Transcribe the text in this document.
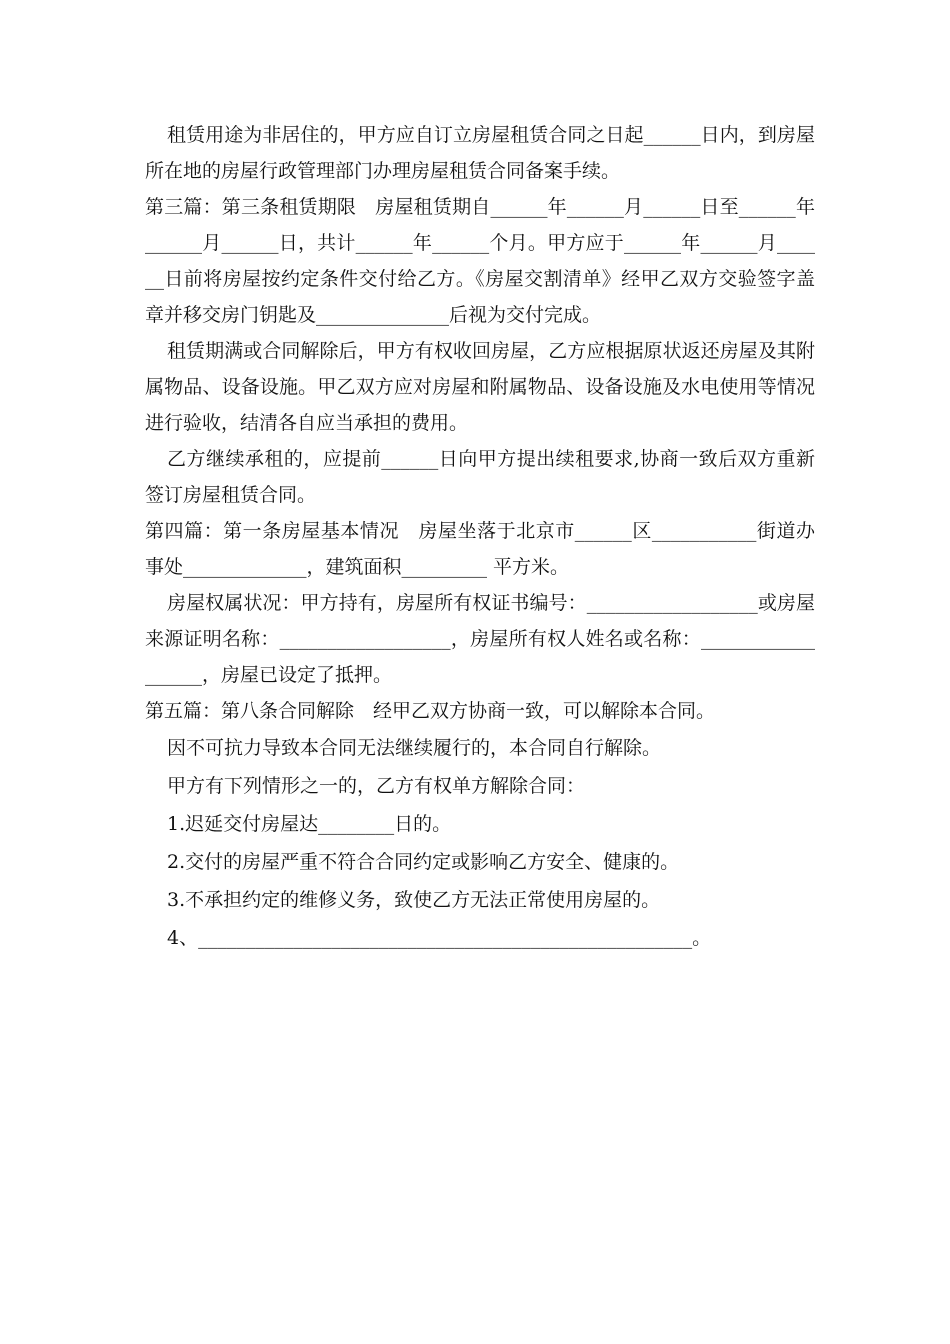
租赁用途为非居住的，甲方应自订立房屋租赁合同之日起______日内，到房屋所在地的房屋行政管理部门办理房屋租赁合同备案手续。

第三篇：第三条租赁期限　房屋租赁期自______年______月______日至______年______月______日，共计______年______个月。甲方应于______年______月______日前将房屋按约定条件交付给乙方。《房屋交割清单》经甲乙双方交验签字盖章并移交房门钥匙及______________后视为交付完成。

租赁期满或合同解除后，甲方有权收回房屋，乙方应根据原状返还房屋及其附属物品、设备设施。甲乙双方应对房屋和附属物品、设备设施及水电使用等情况进行验收，结清各自应当承担的费用。

乙方继续承租的，应提前______日向甲方提出续租要求,协商一致后双方重新签订房屋租赁合同。

第四篇：第一条房屋基本情况　房屋坐落于北京市______区___________街道办事处_____________，建筑面积_________ 平方米。

房屋权属状况：甲方持有，房屋所有权证书编号：__________________或房屋来源证明名称：__________________，房屋所有权人姓名或名称：__________________，房屋已设定了抵押。

第五篇：第八条合同解除　经甲乙双方协商一致，可以解除本合同。

因不可抗力导致本合同无法继续履行的，本合同自行解除。

甲方有下列情形之一的，乙方有权单方解除合同：

1.迟延交付房屋达________日的。

2.交付的房屋严重不符合合同约定或影响乙方安全、健康的。

3.不承担约定的维修义务，致使乙方无法正常使用房屋的。

4、____________________________________________________。
